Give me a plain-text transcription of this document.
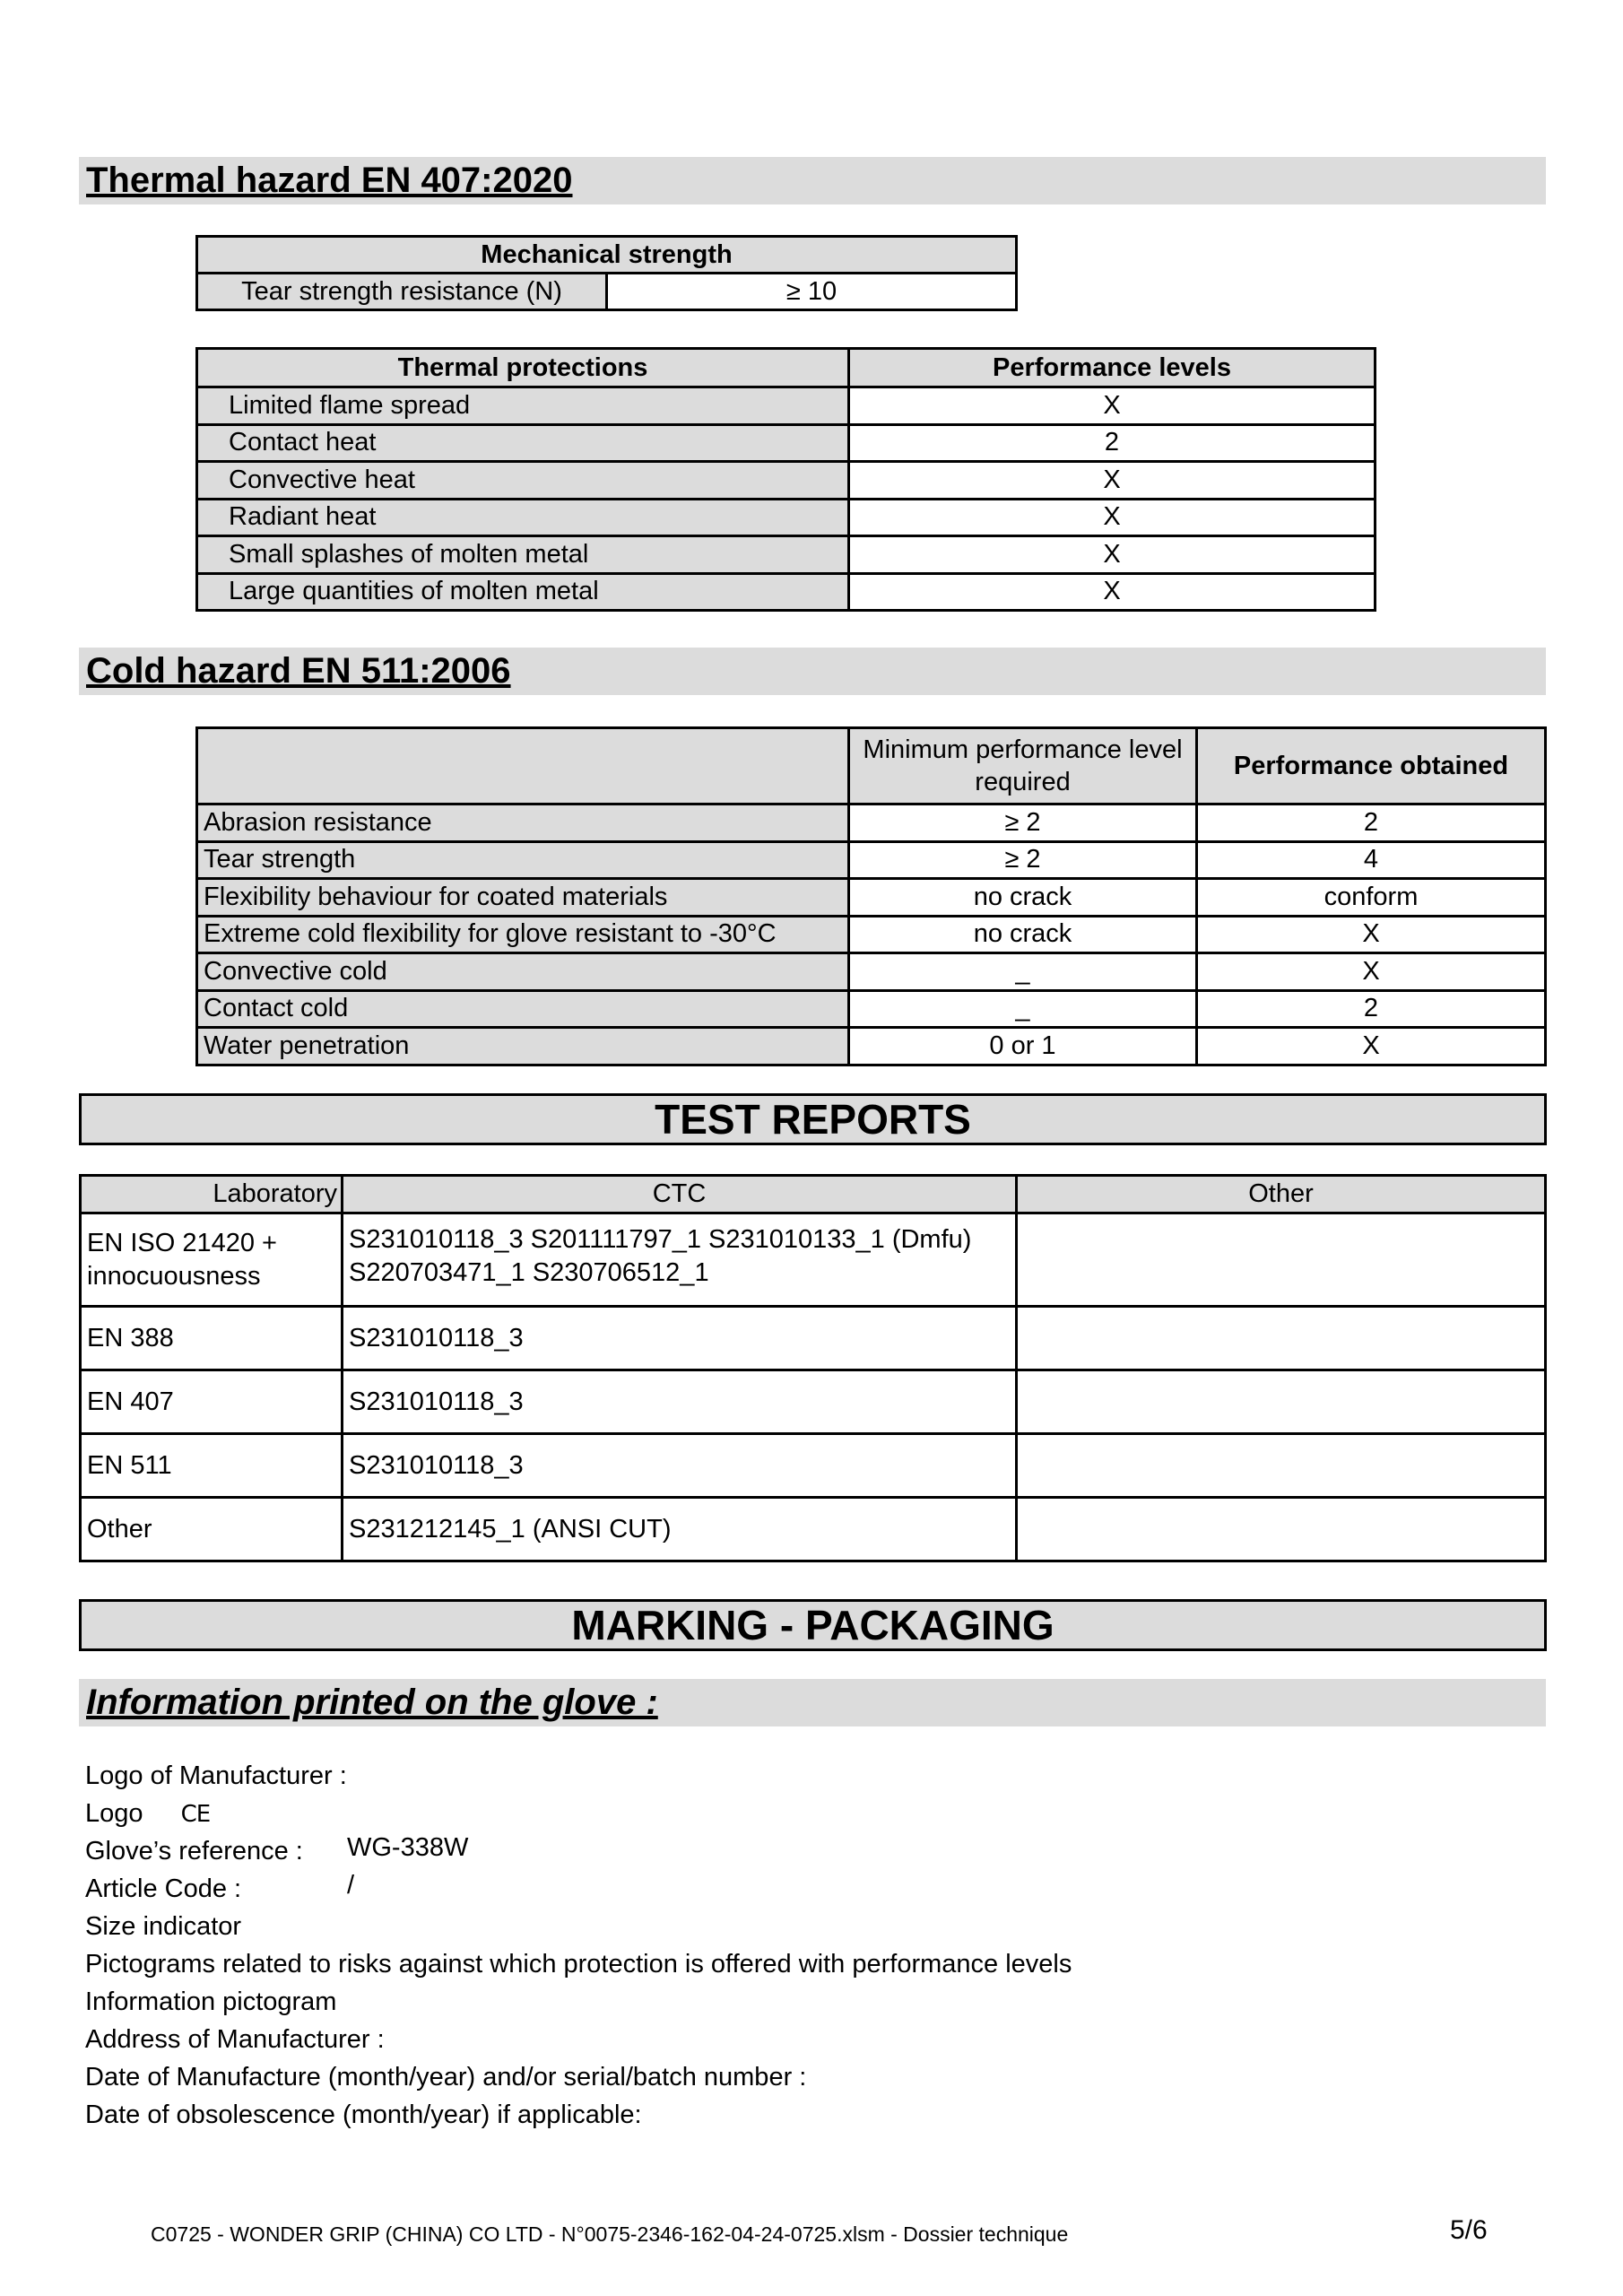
Thermal hazard EN 407:2020
Mechanical strength
Tear strength resistance (N)	≥ 10
Thermal protections	Performance levels
Limited flame spread	X
Contact heat	2
Convective heat	X
Radiant heat	X
Small splashes of molten metal	X
Large quantities of molten metal	X
Cold hazard EN 511:2006
	Minimum performance level required	Performance obtained
Abrasion resistance	≥ 2	2
Tear strength	≥ 2	4
Flexibility behaviour for coated materials	no crack	conform
Extreme cold flexibility for glove resistant to -30°C	no crack	X
Convective cold	_	X
Contact cold	_	2
Water penetration	0 or 1	X
TEST REPORTS
Laboratory	CTC	Other
EN ISO 21420 + innocuousness	S231010118_3 S201111797_1 S231010133_1 (Dmfu) S220703471_1 S230706512_1	
EN 388	S231010118_3	
EN 407	S231010118_3	
EN 511	S231010118_3	
Other	S231212145_1 (ANSI CUT)	
MARKING - PACKAGING
Information printed on the glove :
Logo of Manufacturer :
Logo CE
Glove’s reference : WG-338W
Article Code :	/
Size indicator
Pictograms related to risks against which protection is offered with performance levels
Information pictogram
Address of Manufacturer :
Date of Manufacture (month/year) and/or serial/batch number :
Date of obsolescence (month/year) if applicable:
C0725 - WONDER GRIP (CHINA) CO LTD - N°0075-2346-162-04-24-0725.xlsm - Dossier technique	5/6
